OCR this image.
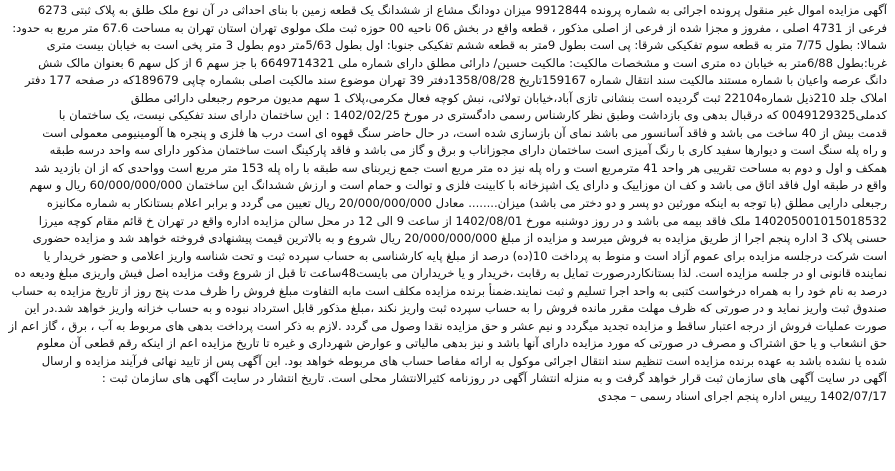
آگهی مزایده اموال غیر منقول پرونده اجرائی به شماره پرونده 9912844 میزان دودانگ مشاع از ششدانگ یک قطعه زمین با بنای احداثی در آن نوع ملک طلق به پلاک ثبتی 6273
فرعی از 4731 اصلی ، مفروز و مجزا شده از فرعی از اصلی مذکور ، قطعه واقع در بخش 06 ناحیه 00 حوزه ثبت ملک مولوی تهران استان تهران به مساحت 67.6 متر مربع به حدود:
شمالا: بطول 7/75 متر به قطعه سوم تفکیکی شرقا: پی است بطول 9متر به قطعه ششم تفکیکی جنوبا: اول بطول 5/63متر دوم بطول 3 متر پخی است به خیابان بیست متری
غربا:بطول 6/88متر به خیابان ده متری است و مشخصات مالکیت: مالکیت حسین/ دارائی مطلق دارای شماره ملی 6649714321 با جز سهم 6 از کل سهم 6 بعنوان مالک شش
دانگ عرصه واعیان با شماره مستند مالکیت سند انتقال شماره 159167تاریخ 1358/08/28دفتر 39 تهران موضوع سند مالکیت اصلی بشماره چاپی 189679که در صفحه 177 دفتر
املاک جلد 210ذیل شماره22104 ثبت گردیده است بنشانی تازی آباد،خیابان تولائی، نبش کوچه فعال مکرمی،پلاک 1 سهم مدیون مرحوم رجبعلی دارائی مطلق
کدملی0049129325 که درقبال بدهی وی بازداشت وطبق نظر کارشناس رسمی دادگستری در مورخ 1402/02/25 : این ساختمان دارای سند تفکیکی نیست، یک ساختمان با
قدمت بیش از 40 ساخت می باشد و فاقد آسانسور می باشد نمای آن بازسازی شده است، در حال حاضر سنگ قهوه ای است درب ها فلزی و پنجره ها آلومینیومی معمولی است
و راه پله سنگ است و دیوارها سفید کاری با رنگ آمیزی است ساختمان دارای مجوزاناب و برق و گاز می باشد و فاقد پارکینگ است ساختمان مذکور دارای سه واحد درسه طبقه
همکف و اول و دوم به مساحت تقریبی هر واحد 41 مترمربع است و راه پله نیز ده متر مربع است جمع زیربنای سه طبقه با راه پله 153 متر مربع است وواحدی که از ان بازدید شد
واقع در طبقه اول فاقد اتاق می باشد و کف ان موزاییک و دارای یک اشپزخانه با کابینت فلزی و توالت و حمام است و ارزش ششدانگ این ساختمان 60/000/000/000 ریال و سهم
رجبعلی دارایی مطلق (با توجه به اینکه مورثین دو پسر و دو دختر می باشد) میزان........ معادل 20/000/000/000 ریال تعیین می گردد و برابر اعلام بستانکار به شماره مکانیزه
140205001015018532 ملک فاقد بیمه می باشد و در روز دوشنبه مورخ 1402/08/01 از ساعت 9 الی 12 در محل سالن مزایده اداره واقع در تهران خ قائم مقام کوچه میرزا
حسنی پلاک 3 اداره پنجم اجرا از طریق مزایده به فروش میرسد و مزایده از مبلغ 20/000/000/000 ریال شروع و به بالاترین قیمت پیشنهادی فروخته خواهد شد و مزایده حضوری
است شرکت درجلسه مزایده برای عموم آزاد است و منوط به پرداخت 10(ده) درصد از مبلغ پایه کارشناسی به حساب سپرده ثبت و تحت شناسه واریز اعلامی و حضور خریدار یا
نماینده قانونی او در جلسه مزایده است. لذا بستانکاردرصورت تمایل به رقابت ،خریدار و یا خریداران می بایست48ساعت تا قبل از شروع وقت مزایده اصل فیش واریزی مبلغ ودیعه ده
درصد به نام خود را به همراه درخواست کتبی به واحد اجرا تسلیم و ثبت نمایند.ضمنأ برنده مزایده مکلف است مابه التفاوت مبلغ فروش را ظرف مدت پنج روز از تاریخ مزایده به حساب
صندوق ثبت واریز نماید و در صورتی که ظرف مهلت مقرر مانده فروش را به حساب سپرده ثبت واریز نکند ،مبلغ مذکور قابل استرداد نبوده و به حساب خزانه واریز خواهد شد.در این
صورت عملیات فروش از درجه اعتبار ساقط و مزایده تجدید میگردد و نیم عشر و حق مزایده نقدا وصول می گردد .لازم به ذکر است پرداخت بدهی های مربوط به آب ، برق ، گاز اعم از
حق انشعاب و یا حق اشتراک و مصرف در صورتی که مورد مزایده دارای آنها باشد و نیز بدهی مالیاتی و عوارض شهرداری و غیره تا تاریخ مزایده اعم از اینکه رقم قطعی آن معلوم
شده یا نشده باشد به عهده برنده مزایده است تنظیم سند انتقال اجرائی موکول به ارائه مفاصا حساب های مربوطه خواهد بود. این آگهی پس از تایید نهائی فرآیند مزایده و ارسال
آگهی در سایت آگهی های سازمان ثبت قرار خواهد گرفت و به منزله انتشار آگهی در روزنامه کثیرالانتشار محلی است. تاریخ انتشار در سایت آگهی های سازمان ثبت :
1402/07/17 رییس اداره پنجم اجرای اسناد رسمی – مجدی
